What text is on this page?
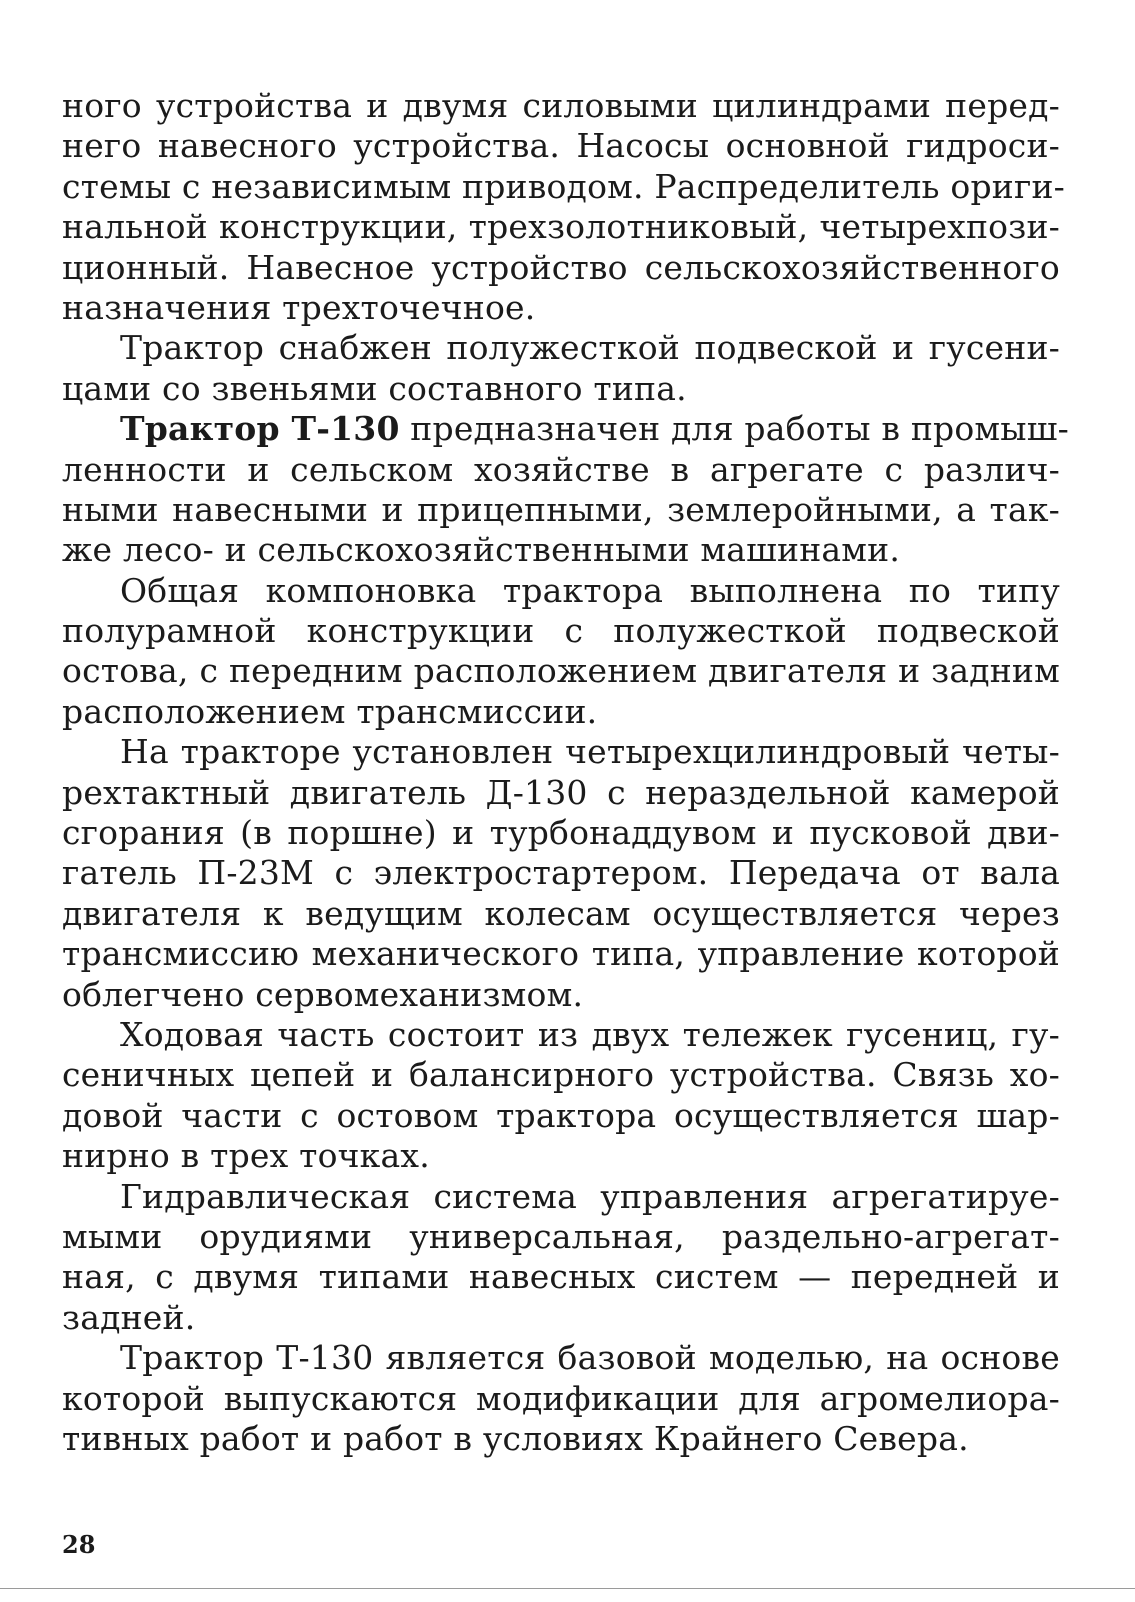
ного устройства и двумя силовыми цилиндрами перед-
него навесного устройства. Насосы основной гидроси-
стемы с независимым приводом. Распределитель ориги-
нальной конструкции, трехзолотниковый, четырехпози-
ционный. Навесное устройство сельскохозяйственного
назначения трехточечное.
Трактор снабжен полужесткой подвеской и гусени-
цами со звеньями составного типа.
Трактор Т-130 предназначен для работы в промыш-
ленности и сельском хозяйстве в агрегате с различ-
ными навесными и прицепными, землеройными, а так-
же лесо- и сельскохозяйственными машинами.
Общая компоновка трактора выполнена по типу
полурамной конструкции с полужесткой подвеской
остова, с передним расположением двигателя и задним
расположением трансмиссии.
На тракторе установлен четырехцилиндровый четы-
рехтактный двигатель Д-130 с нераздельной камерой
сгорания (в поршне) и турбонаддувом и пусковой дви-
гатель П-23М с электростартером. Передача от вала
двигателя к ведущим колесам осуществляется через
трансмиссию механического типа, управление которой
облегчено сервомеханизмом.
Ходовая часть состоит из двух тележек гусениц, гу-
сеничных цепей и балансирного устройства. Связь хо-
довой части с остовом трактора осуществляется шар-
нирно в трех точках.
Гидравлическая система управления агрегатируе-
мыми орудиями универсальная, раздельно-агрегат-
ная, с двумя типами навесных систем — передней и
задней.
Трактор Т-130 является базовой моделью, на основе
которой выпускаются модификации для агромелиора-
тивных работ и работ в условиях Крайнего Севера.
28
